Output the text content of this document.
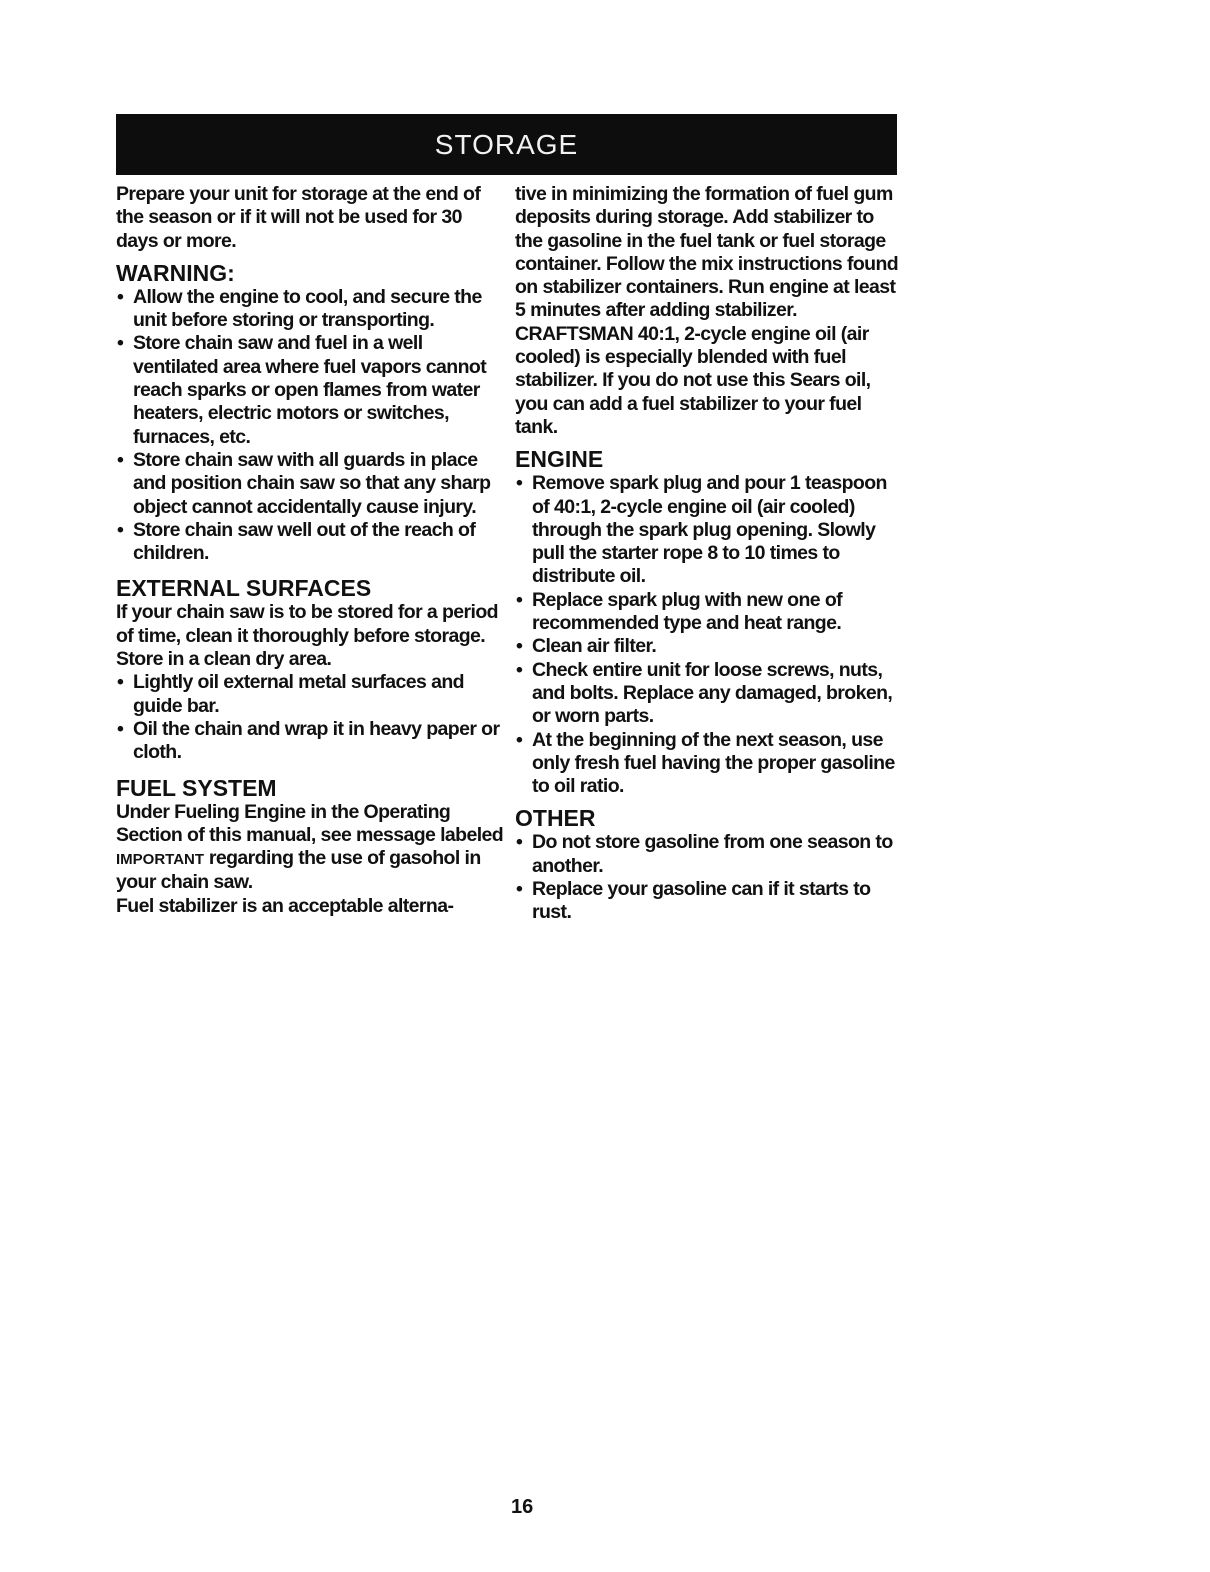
STORAGE

Prepare your unit for storage at the end of the season or if it will not be used for 30 days or more.

WARNING:
• Allow the engine to cool, and secure the unit before storing or transporting.
• Store chain saw and fuel in a well ventilated area where fuel vapors cannot reach sparks or open flames from water heaters, electric motors or switches, furnaces, etc.
• Store chain saw with all guards in place and position chain saw so that any sharp object cannot accidentally cause injury.
• Store chain saw well out of the reach of children.
EXTERNAL SURFACES

If your chain saw is to be stored for a period of time, clean it thoroughly before storage. Store in a clean dry area.

• Lightly oil external metal surfaces and guide bar.
• Oil the chain and wrap it in heavy paper or cloth.
FUEL SYSTEM

Under Fueling Engine in the Operating Section of this manual, see message labeled IMPORTANT regarding the use of gasohol in your chain saw.

Fuel stabilizer is an acceptable alterna-

tive in minimizing the formation of fuel gum deposits during storage. Add stabilizer to the gasoline in the fuel tank or fuel storage container. Follow the mix instructions found on stabilizer containers. Run engine at least 5 minutes after adding stabilizer.

CRAFTSMAN 40:1, 2-cycle engine oil (air cooled) is especially blended with fuel stabilizer. If you do not use this Sears oil, you can add a fuel stabilizer to your fuel tank.

ENGINE
• Remove spark plug and pour 1 teaspoon of 40:1, 2-cycle engine oil (air cooled) through the spark plug opening. Slowly pull the starter rope 8 to 10 times to distribute oil.
• Replace spark plug with new one of recommended type and heat range.
• Clean air filter.
• Check entire unit for loose screws, nuts, and bolts. Replace any damaged, broken, or worn parts.
• At the beginning of the next season, use only fresh fuel having the proper gasoline to oil ratio.
OTHER
• Do not store gasoline from one season to another.
• Replace your gasoline can if it starts to rust.
16
